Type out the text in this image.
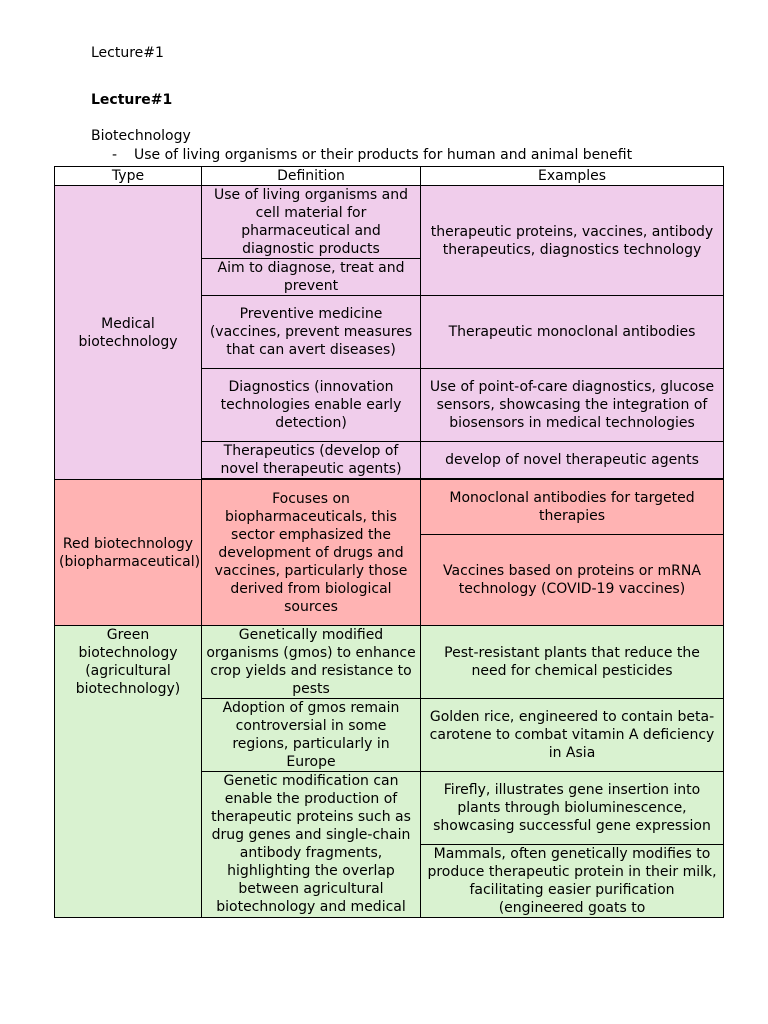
Lecture#1
Lecture#1
Biotechnology
-	Use of living organisms or their products for human and animal benefit
Type	Definition	Examples
Medical biotechnology	Use of living organisms and cell material for pharmaceutical and diagnostic products	therapeutic proteins, vaccines, antibody therapeutics, diagnostics technology
	Aim to diagnose, treat and prevent	
	Preventive medicine (vaccines, prevent measures that can avert diseases)	Therapeutic monoclonal antibodies
	Diagnostics (innovation technologies enable early detection)	Use of point-of-care diagnostics, glucose sensors, showcasing the integration of biosensors in medical technologies
	Therapeutics (develop of novel therapeutic agents)	develop of novel therapeutic agents

Red biotechnology (biopharmaceutical)	Focuses on biopharmaceuticals, this sector emphasized the development of drugs and vaccines, particularly those derived from biological sources	Monoclonal antibodies for targeted therapies
		Vaccines based on proteins or mRNA technology (COVID-19 vaccines)
Green biotechnology (agricultural biotechnology)	Genetically modified organisms (gmos) to enhance crop yields and resistance to pests	Pest-resistant plants that reduce the need for chemical pesticides
	Adoption of gmos remain controversial in some regions, particularly in Europe	Golden rice, engineered to contain beta-carotene to combat vitamin A deficiency in Asia
	Genetic modification can enable the production of therapeutic proteins such as drug genes and single-chain antibody fragments, highlighting the overlap between agricultural biotechnology and medical	Firefly, illustrates gene insertion into plants through bioluminescence, showcasing successful gene expression
		Mammals, often genetically modifies to produce therapeutic protein in their milk, facilitating easier purification (engineered goats to
